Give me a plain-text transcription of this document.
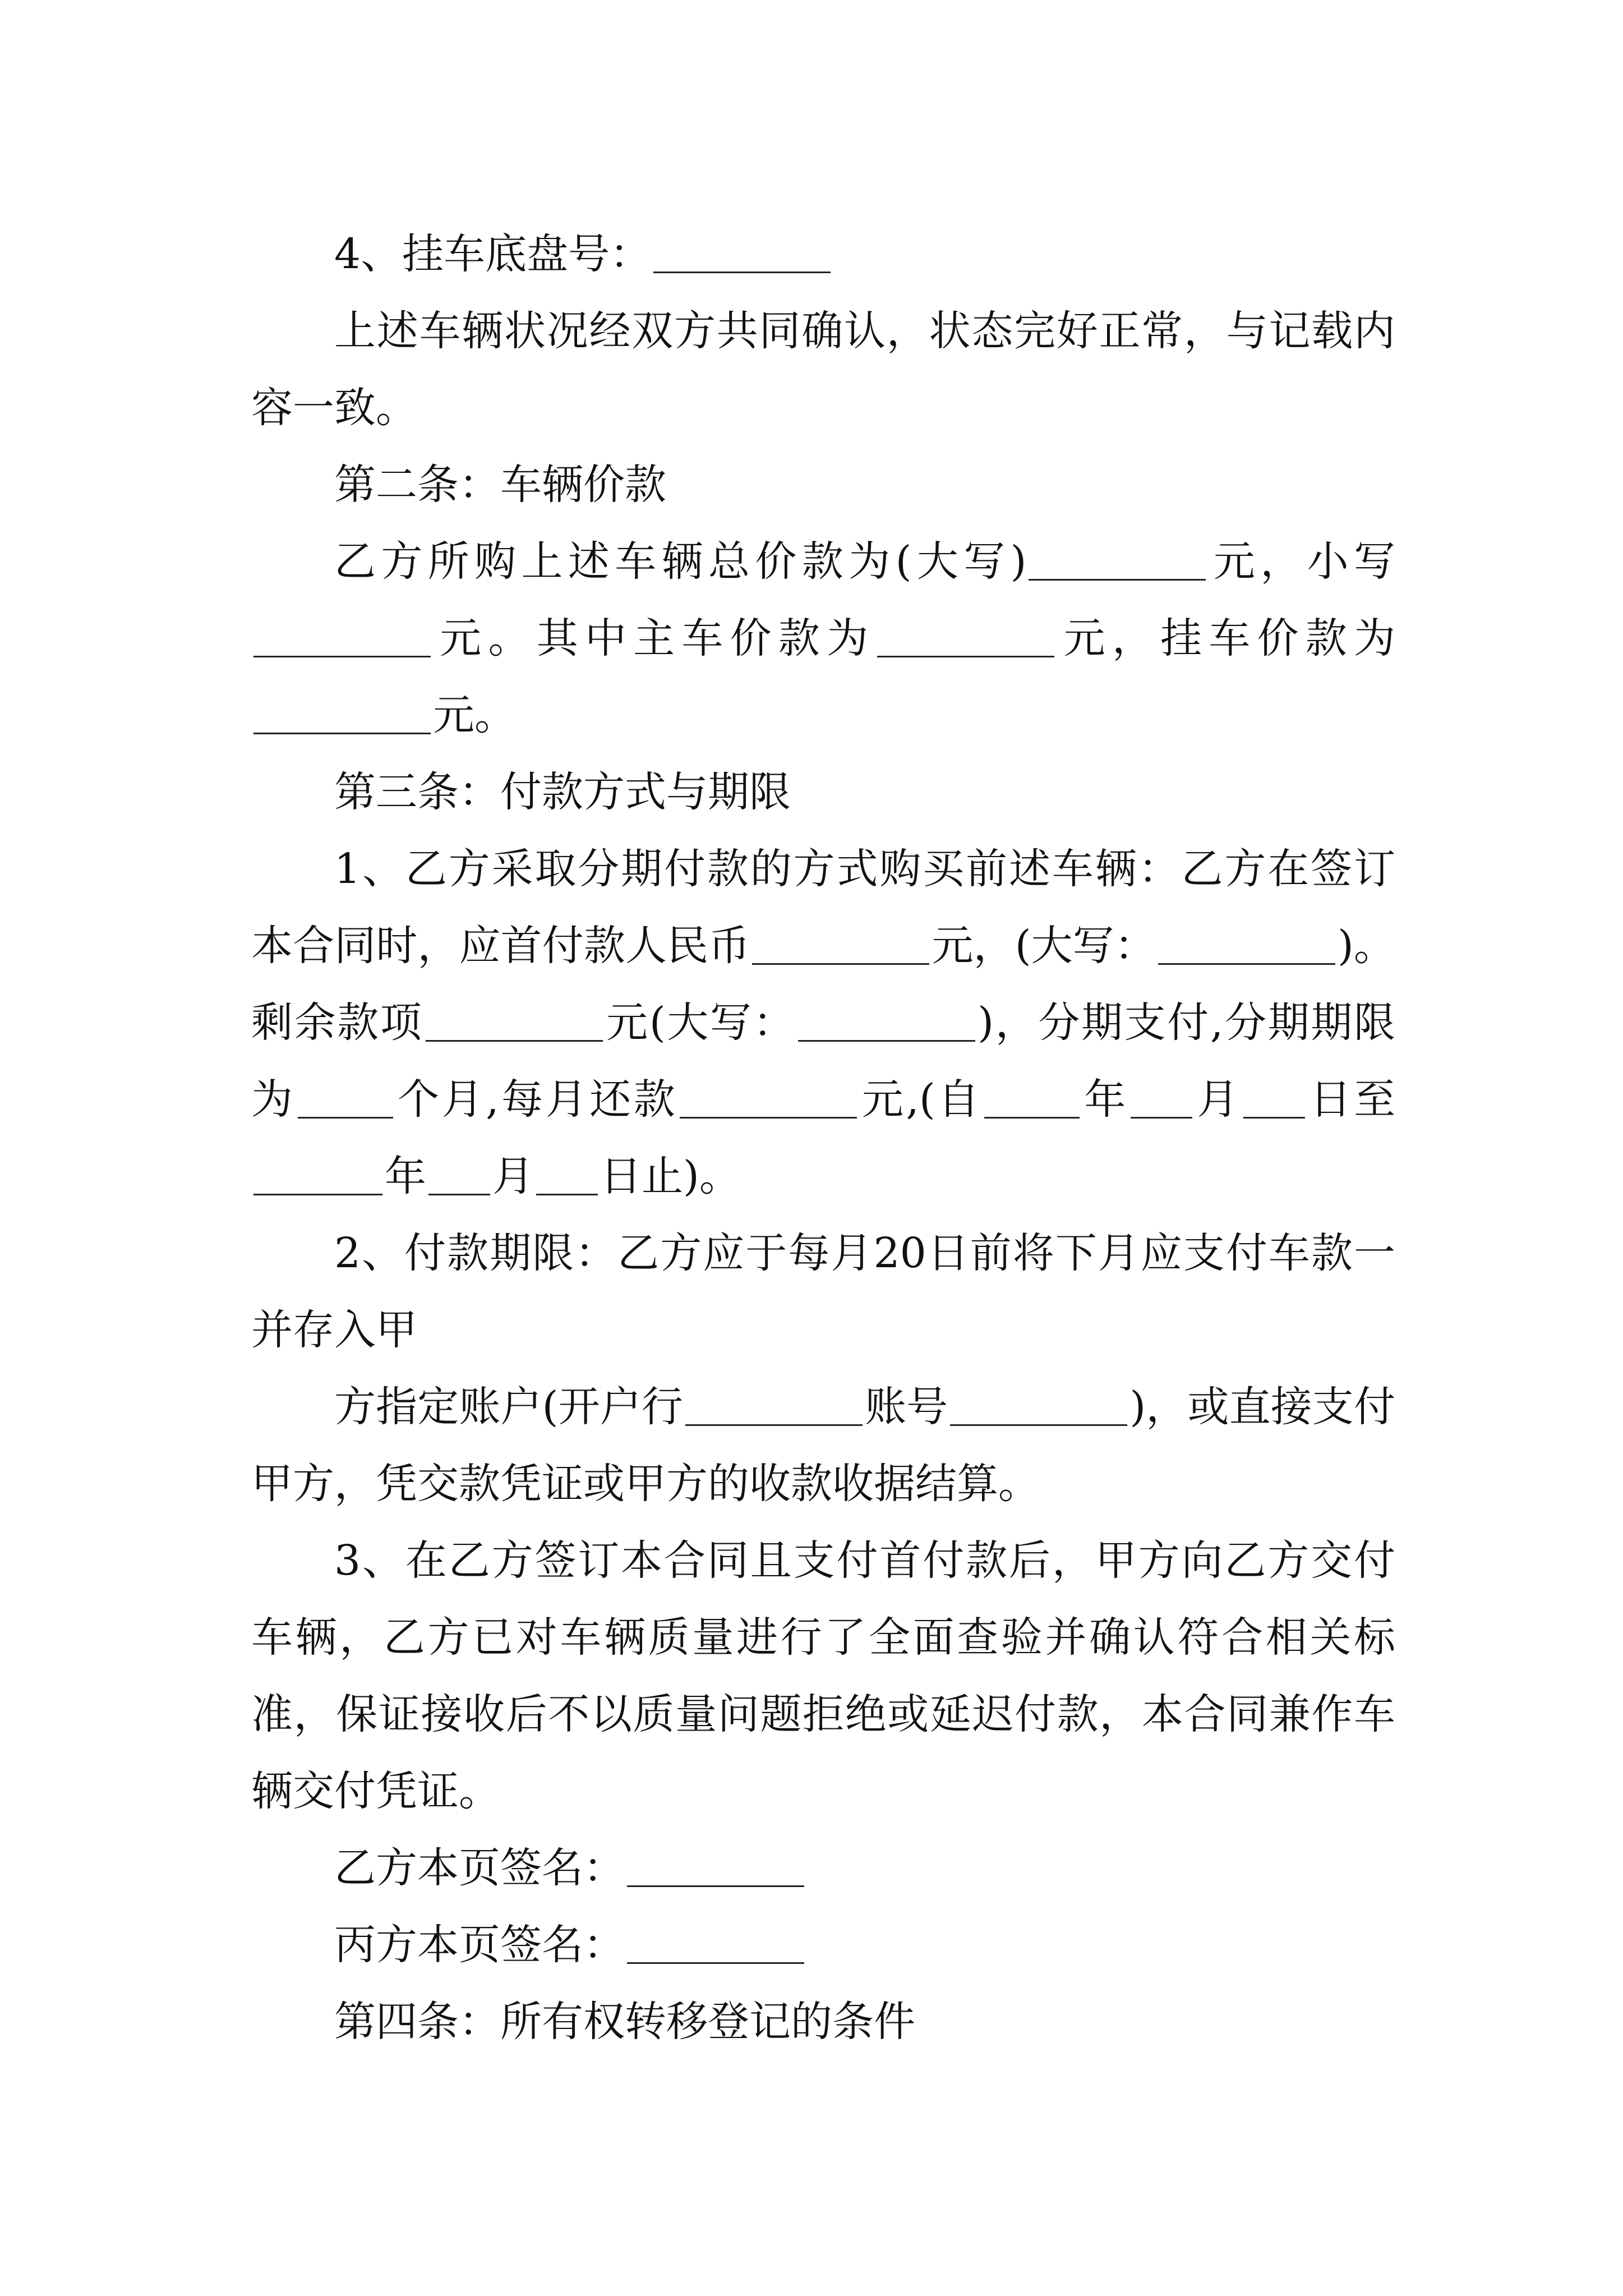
4、挂车底盘号：

上述车辆状况经双方共同确认，状态完好正常，与记载内容一致。

第二条：车辆价款

乙方所购上述车辆总价款为(大写)	元，小写元。其中主车价款为	元，挂车价款为元。

第三条：付款方式与期限

1、乙方采取分期付款的方式购买前述车辆：乙方在签订本合同时，应首付款人民币	元，(大写：	)。剩余款项	元(大写：	)，分期支付,分期期限为 个月,每月还款	元,(自 年 月 日至年 月 日止)。

2、付款期限：乙方应于每月20日前将下月应支付车款一并存入甲

方指定账户(开户行	账号	)，或直接支付甲方，凭交款凭证或甲方的收款收据结算。

3、在乙方签订本合同且支付首付款后，甲方向乙方交付车辆，乙方已对车辆质量进行了全面查验并确认符合相关标准，保证接收后不以质量问题拒绝或延迟付款，本合同兼作车辆交付凭证。

乙方本页签名：

丙方本页签名：

第四条：所有权转移登记的条件
